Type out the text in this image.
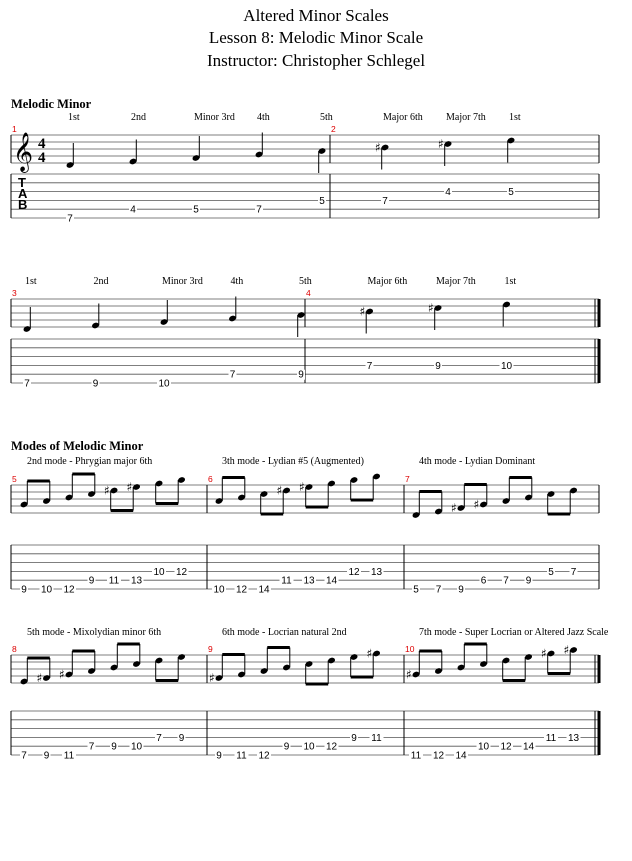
Altered Minor Scales
Lesson 8: Melodic Minor Scale
Instructor: Christopher Schlegel
Melodic Minor
Modes of Melodic Minor
1	2
𝄞 4
4
T
A
B
1st	2nd	Minor 3rd 4th	5th	Major 6th Major 7th 1st
7
4	5	7
5
♯
7
♯
4	5
3	4
1st	2nd	Minor 3rd	4th	5th	Major 6th	Major 7th	1st
7	9	10
7	9
♯
7
♯
9	10
5	6	7
2nd mode - Phrygian major 6th	3th mode - Lydian #5 (Augmented)	4th mode - Lydian Dominant
9 10 12
9
♯
11
♯
13
10 12
10 12 14
♯
11
♯
13 14
12 13
5 7
♯
9
♯
6 7 9
5 7
8	9	10
5th mode - Mixolydian minor 6th	6th mode - Locrian natural 2nd	7th mode - Super Locrian or Altered Jazz Scale
7
♯
9
♯
11
7 9 10
7 9
♯
9 11 12
9 10 12
9
♯
11
♯
11 12 14
10 12 14
♯
11
♯
13
